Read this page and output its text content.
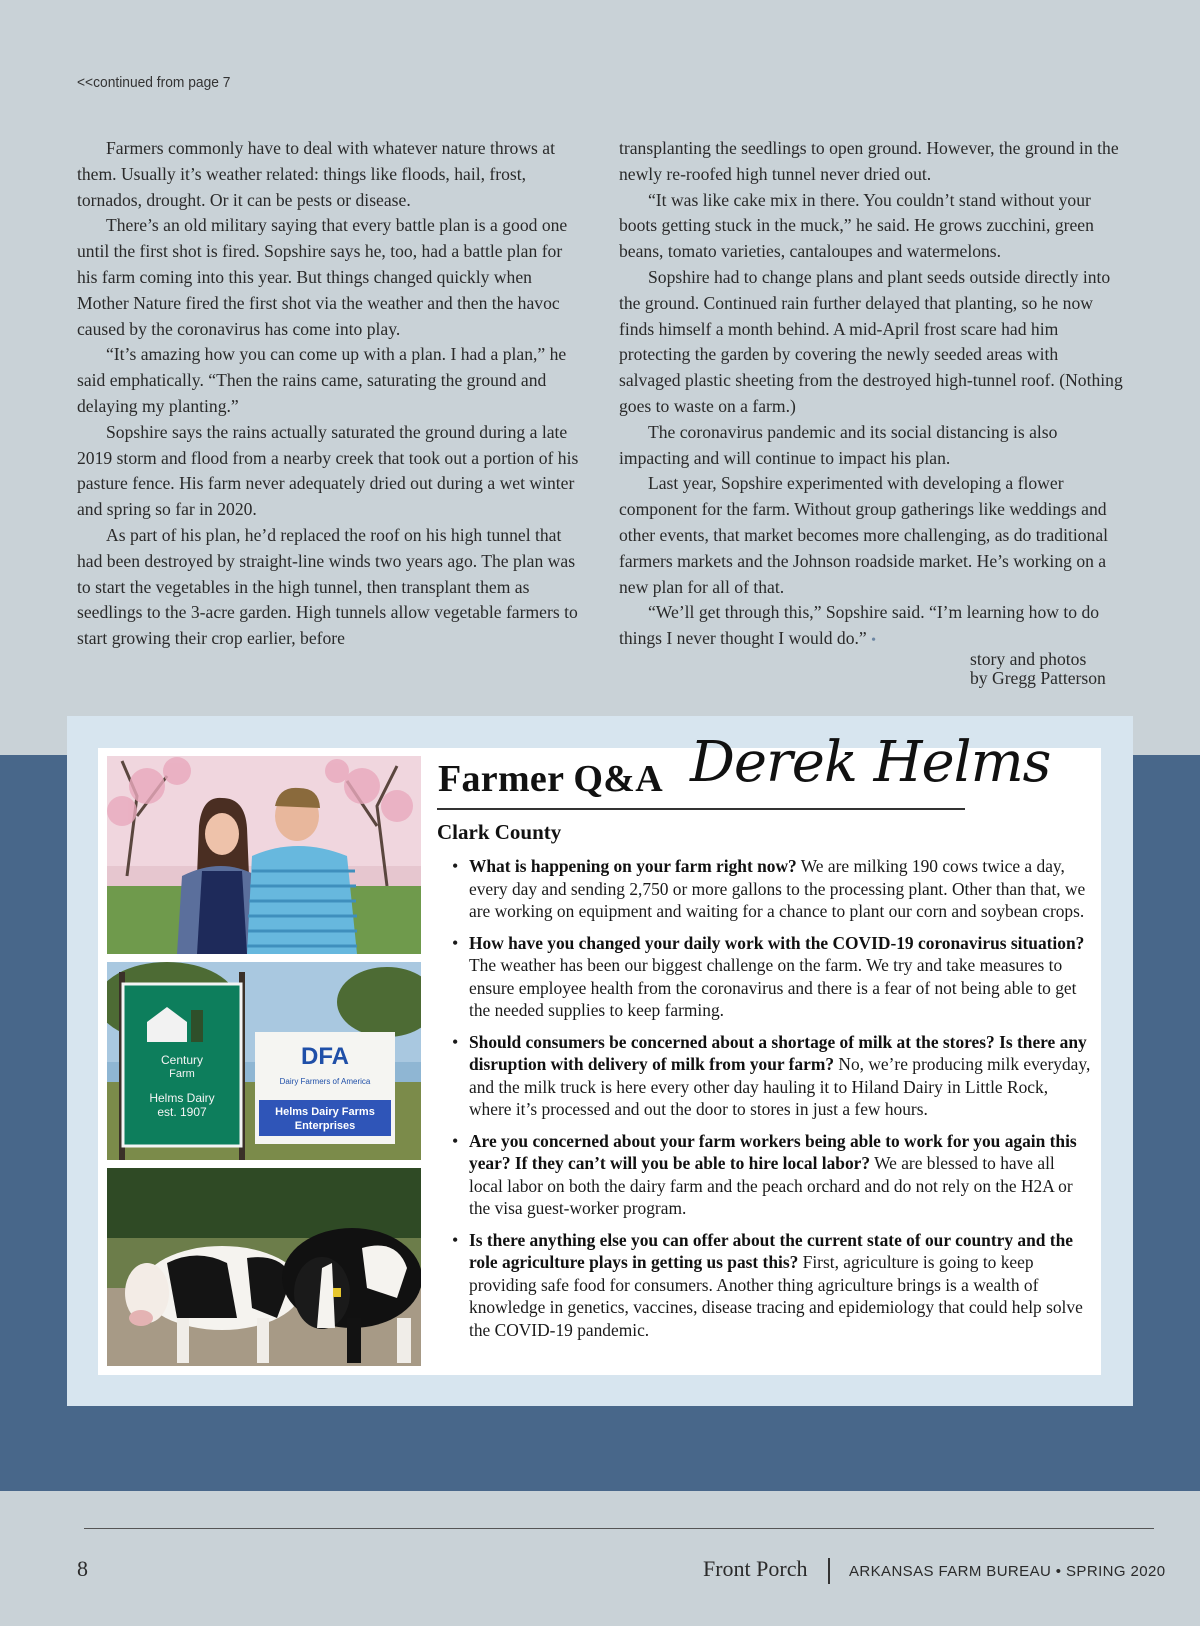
<<continued from page 7

Farmers commonly have to deal with whatever nature throws at them. Usually it’s weather related: things like floods, hail, frost, tornados, drought. Or it can be pests or disease.

There’s an old military saying that every battle plan is a good one until the first shot is fired. Sopshire says he, too, had a battle plan for his farm coming into this year. But things changed quickly when Mother Nature fired the first shot via the weather and then the havoc caused by the coronavirus has come into play.

“It’s amazing how you can come up with a plan. I had a plan,” he said emphatically. “Then the rains came, saturating the ground and delaying my planting.”

Sopshire says the rains actually saturated the ground during a late 2019 storm and flood from a nearby creek that took out a portion of his pasture fence. His farm never adequately dried out during a wet winter and spring so far in 2020.

As part of his plan, he’d replaced the roof on his high tunnel that had been destroyed by straight-line winds two years ago. The plan was to start the vegetables in the high tunnel, then transplant them as seedlings to the 3-acre garden. High tunnels allow vegetable farmers to start growing their crop earlier, before

transplanting the seedlings to open ground. However, the ground in the newly re-roofed high tunnel never dried out.

“It was like cake mix in there. You couldn’t stand without your boots getting stuck in the muck,” he said. He grows zucchini, green beans, tomato varieties, cantaloupes and watermelons.

Sopshire had to change plans and plant seeds outside directly into the ground. Continued rain further delayed that planting, so he now finds himself a month behind. A mid-April frost scare had him protecting the garden by covering the newly seeded areas with salvaged plastic sheeting from the destroyed high-tunnel roof. (Nothing goes to waste on a farm.)

The coronavirus pandemic and its social distancing is also impacting and will continue to impact his plan.

Last year, Sopshire experimented with developing a flower component for the farm. Without group gatherings like weddings and other events, that market becomes more challenging, as do traditional farmers markets and the Johnson roadside market. He’s working on a new plan for all of that.

“We’ll get through this,” Sopshire said. “I’m learning how to do things I never thought I would do.” •

story and photos
by Gregg Patterson
Century
Farm
Helms Dairy
est. 1907
DFA
Dairy Farmers of America
Helms Dairy Farms
Enterprises
Farmer Q&A Derek Helms
Clark County
• What is happening on your farm right now? We are milking 190 cows twice a day, every day and sending 2,750 or more gallons to the processing plant. Other than that, we are working on equipment and waiting for a chance to plant our corn and soybean crops.
• How have you changed your daily work with the COVID-19 coronavirus situation? The weather has been our biggest challenge on the farm. We try and take measures to ensure employee health from the coronavirus and there is a fear of not being able to get the needed supplies to keep farming.
• Should consumers be concerned about a shortage of milk at the stores? Is there any disruption with delivery of milk from your farm? No, we’re producing milk everyday, and the milk truck is here every other day hauling it to Hiland Dairy in Little Rock, where it’s processed and out the door to stores in just a few hours.
• Are you concerned about your farm workers being able to work for you again this year? If they can’t will you be able to hire local labor? We are blessed to have all local labor on both the dairy farm and the peach orchard and do not rely on the H2A or the visa guest-worker program.
• Is there anything else you can offer about the current state of our country and the role agriculture plays in getting us past this? First, agriculture is going to keep providing safe food for consumers. Another thing agriculture brings is a wealth of knowledge in genetics, vaccines, disease tracing and epidemiology that could help solve the COVID-19 pandemic.
8	Front Porch	ARKANSAS FARM BUREAU • SPRING 2020
